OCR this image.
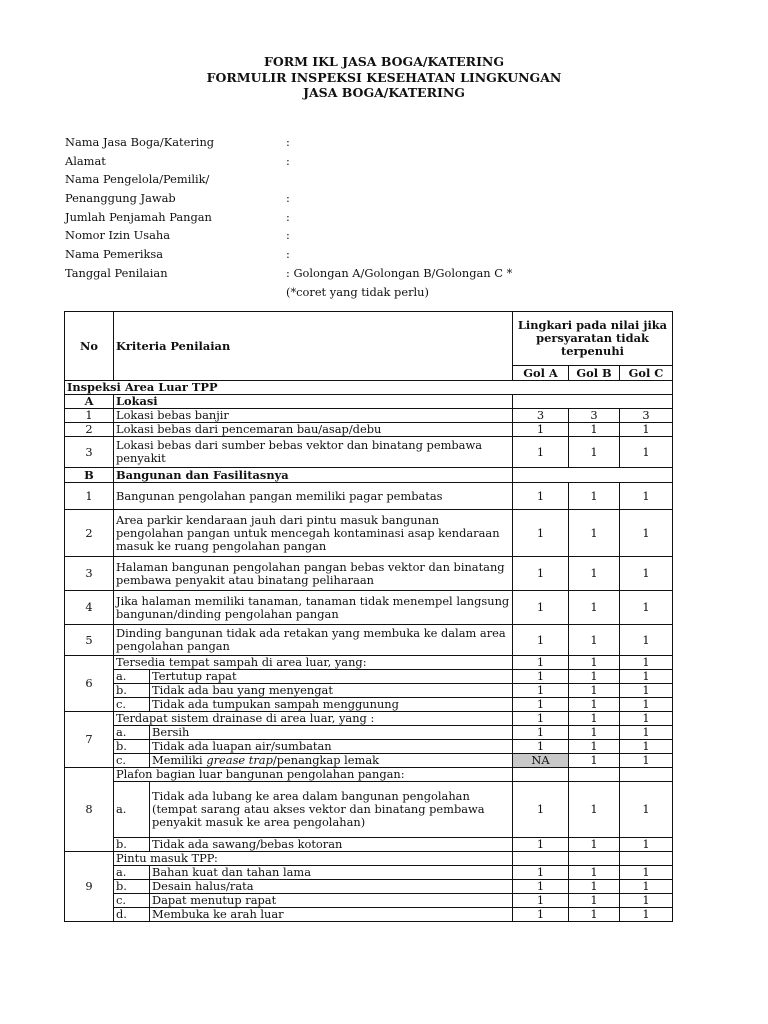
FORM IKL JASA BOGA/KATERING
FORMULIR INSPEKSI KESEHATAN LINGKUNGAN
JASA BOGA/KATERING
Nama Jasa Boga/Katering	:
Alamat	:
Nama Pengelola/Pemilik/
Penanggung Jawab	:
Jumlah Penjamah Pangan	:
Nomor Izin Usaha	:
Nama Pemeriksa	:
Tanggal Penilaian	: Golongan A/Golongan B/Golongan C *
(*coret yang tidak perlu)
No	Kriteria Penilaian		Lingkari pada nilai jika persyaratan tidak terpenuhi		
			Gol A	Gol B	Gol C
Inspeksi Area Luar TPP					
A	Lokasi				
1	Lokasi bebas banjir		3	3	3
2	Lokasi bebas dari pencemaran bau/asap/debu		1	1	1
3	Lokasi bebas dari sumber bebas vektor dan binatang pembawa penyakit		1	1	1
B	Bangunan dan Fasilitasnya				
1	Bangunan pengolahan pangan memiliki pagar pembatas		1	1	1
2	Area parkir kendaraan jauh dari pintu masuk bangunan pengolahan pangan untuk mencegah kontaminasi asap kendaraan masuk ke ruang pengolahan pangan		1	1	1
3	Halaman bangunan pengolahan pangan bebas vektor dan binatang pembawa penyakit atau binatang peliharaan		1	1	1
4	Jika halaman memiliki tanaman, tanaman tidak menempel langsung bangunan/dinding pengolahan pangan		1	1	1
5	Dinding bangunan tidak ada retakan yang membuka ke dalam area pengolahan pangan		1	1	1
6	Tersedia tempat sampah di area luar, yang:		1	1	1
	a.	Tertutup rapat	1	1	1
	b.	Tidak ada bau yang menyengat	1	1	1
	c.	Tidak ada tumpukan sampah menggunung	1	1	1
7	Terdapat sistem drainase di area luar, yang :		1	1	1
	a.	Bersih	1	1	1
	b.	Tidak ada luapan air/sumbatan	1	1	1
	c.	Memiliki grease trap/penangkap lemak	NA	1	1
8	Plafon bagian luar bangunan pengolahan pangan:				
	a.	Tidak ada lubang ke area dalam bangunan pengolahan (tempat sarang atau akses vektor dan binatang pembawa penyakit masuk ke area pengolahan)	1	1	1
	b.	Tidak ada sawang/bebas kotoran	1	1	1
9	Pintu masuk TPP:				
	a.	Bahan kuat dan tahan lama	1	1	1
	b.	Desain halus/rata	1	1	1
	c.	Dapat menutup rapat	1	1	1
	d.	Membuka ke arah luar	1	1	1
